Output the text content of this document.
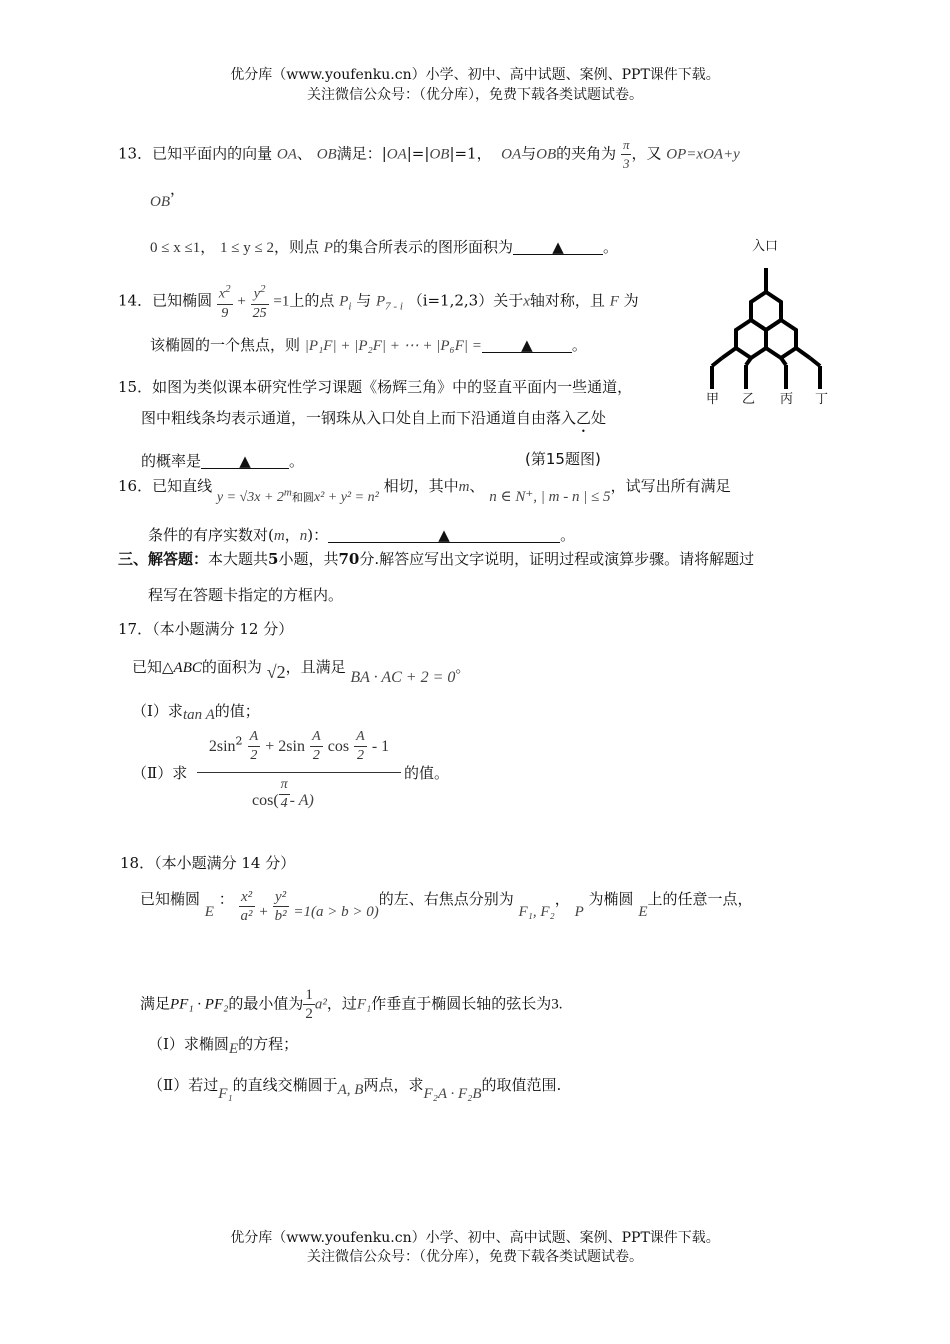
优分库（www.youfenku.cn）小学、初中、高中试题、案例、PPT课件下载。
关注微信公众号：（优分库），免费下载各类试题试卷。
13．已知平面内的向量 OA、 OB满足：|OA|=|OB|=1， OA与OB的夹角为 $\frac{\pi}{3}$ ，又 OP=xOA+y
OB，
0 ≤ x ≤1， 1 ≤ y ≤ 2，则点 P的集合所表示的图形面积为	▲	。
14．已知椭圆 $\frac{x^2}{9} + \frac{y^2}{25} =1$上的点 $P_i$ 与 $P_{7 - i}$ （i=1,2,3）关于x轴对称，且 F 为
该椭圆的一个焦点，则 |P₁F| + |P₂F| + ⋯ + |P₆F| =	▲	。
15．如图为类似课本研究性学习课题《杨辉三角》中的竖直平面内一些通道，
图中粗线条均表示通道，一钢珠从入口处自上而下沿通道自由落入乙处
的概率是	▲	。	(第15题图)
入口
甲 乙 丙 丁
16．已知直线 $y = √3x + 2^m_{和圆}x^2 + y^2 = n^2$ 相切，其中m、 n ∈ N⁺, | m - n | ≤ 5，试写出所有满足
条件的有序实数对(m，n)：	▲	。
三、解答题：本大题共5小题，共70分.解答应写出文字说明，证明过程或演算步骤。请将解题过
程写在答题卡指定的方框内。
17．（本小题满分 12 分）
已知△ABC的面积为 √2，且满足 BA · AC + 2 = 0。
（Ⅰ）求tan A的值；
（Ⅱ）求
$2\sin^2 \frac{A}{2} + 2\sin \frac{A}{2}$ $\cos \frac{A}{2} - 1$
$\cos( \frac{\pi}{4} - A)$
的值。
18．（本小题满分 14 分）
已知椭圆 E ： $\frac{\text{x²}}{\text{a²}} + \frac{\text{y²}}{\text{b²}} =1(a > b > 0)$的左、右焦点分别为 F₁, F₂， P 为椭圆 E上的任意一点，
满足PF₁ · PF₂的最小值为 $\frac{1}{2} a^2$，过F₁作垂直于椭圆长轴的弦长为3.
（Ⅰ）求椭圆E的方程；
（Ⅱ）若过F₁的直线交椭圆于A, B两点，求F₂A · F₂B的取值范围.
优分库（www.youfenku.cn）小学、初中、高中试题、案例、PPT课件下载。
关注微信公众号：（优分库），免费下载各类试题试卷。
